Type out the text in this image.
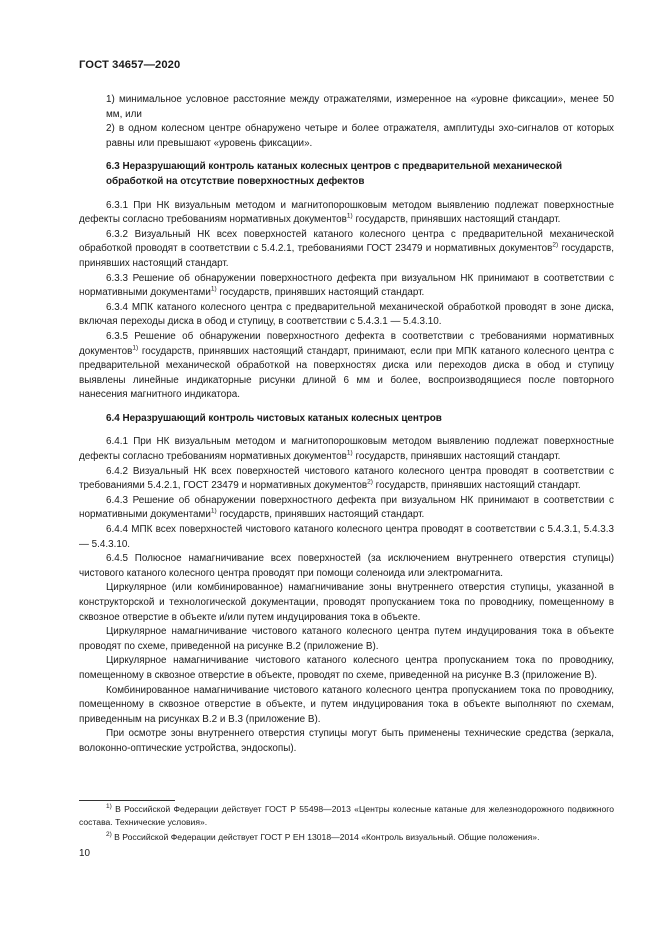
ГОСТ 34657—2020

1) минимальное условное расстояние между отражателями, измеренное на «уровне фиксации», менее 50 мм, или

2) в одном колесном центре обнаружено четыре и более отражателя, амплитуды эхо-сигналов от которых равны или превышают «уровень фиксации».

6.3 Неразрушающий контроль катаных колесных центров с предварительной механической обработкой на отсутствие поверхностных дефектов

6.3.1 При НК визуальным методом и магнитопорошковым методом выявлению подлежат поверхностные дефекты согласно требованиям нормативных документов$^{1)}$ государств, принявших настоящий стандарт.

6.3.2 Визуальный НК всех поверхностей катаного колесного центра с предварительной механической обработкой проводят в соответствии с 5.4.2.1, требованиями ГОСТ 23479 и нормативных документов$^{2)}$ государств, принявших настоящий стандарт.

6.3.3 Решение об обнаружении поверхностного дефекта при визуальном НК принимают в соответствии с нормативными документами$^{1)}$ государств, принявших настоящий стандарт.

6.3.4 МПК катаного колесного центра с предварительной механической обработкой проводят в зоне диска, включая переходы диска в обод и ступицу, в соответствии с 5.4.3.1 — 5.4.3.10.

6.3.5 Решение об обнаружении поверхностного дефекта в соответствии с требованиями нормативных документов$^{1)}$ государств, принявших настоящий стандарт, принимают, если при МПК катаного колесного центра с предварительной механической обработкой на поверхностях диска или переходов диска в обод и ступицу выявлены линейные индикаторные рисунки длиной 6 мм и более, воспроизводящиеся после повторного нанесения магнитного индикатора.

6.4 Неразрушающий контроль чистовых катаных колесных центров

6.4.1 При НК визуальным методом и магнитопорошковым методом выявлению подлежат поверхностные дефекты согласно требованиям нормативных документов$^{1)}$ государств, принявших настоящий стандарт.

6.4.2 Визуальный НК всех поверхностей чистового катаного колесного центра проводят в соответствии с требованиями 5.4.2.1, ГОСТ 23479 и нормативных документов$^{2)}$ государств, принявших настоящий стандарт.

6.4.3 Решение об обнаружении поверхностного дефекта при визуальном НК принимают в соответствии с нормативными документами$^{1)}$ государств, принявших настоящий стандарт.

6.4.4 МПК всех поверхностей чистового катаного колесного центра проводят в соответствии с 5.4.3.1, 5.4.3.3 — 5.4.3.10.

6.4.5 Полюсное намагничивание всех поверхностей (за исключением внутреннего отверстия ступицы) чистового катаного колесного центра проводят при помощи соленоида или электромагнита.

Циркулярное (или комбинированное) намагничивание зоны внутреннего отверстия ступицы, указанной в конструкторской и технологической документации, проводят пропусканием тока по проводнику, помещенному в сквозное отверстие в объекте и/или путем индуцирования тока в объекте.

Циркулярное намагничивание чистового катаного колесного центра путем индуцирования тока в объекте проводят по схеме, приведенной на рисунке В.2 (приложение В).

Циркулярное намагничивание чистового катаного колесного центра пропусканием тока по проводнику, помещенному в сквозное отверстие в объекте, проводят по схеме, приведенной на рисунке В.3 (приложение В).

Комбинированное намагничивание чистового катаного колесного центра пропусканием тока по проводнику, помещенному в сквозное отверстие в объекте, и путем индуцирования тока в объекте выполняют по схемам, приведенным на рисунках В.2 и В.3 (приложение В).

При осмотре зоны внутреннего отверстия ступицы могут быть применены технические средства (зеркала, волоконно-оптические устройства, эндоскопы).

$^{1)}$ В Российской Федерации действует ГОСТ Р 55498—2013 «Центры колесные катаные для железнодорожного подвижного состава. Технические условия».

$^{2)}$ В Российской Федерации действует ГОСТ Р ЕН 13018—2014 «Контроль визуальный. Общие положения».

10
